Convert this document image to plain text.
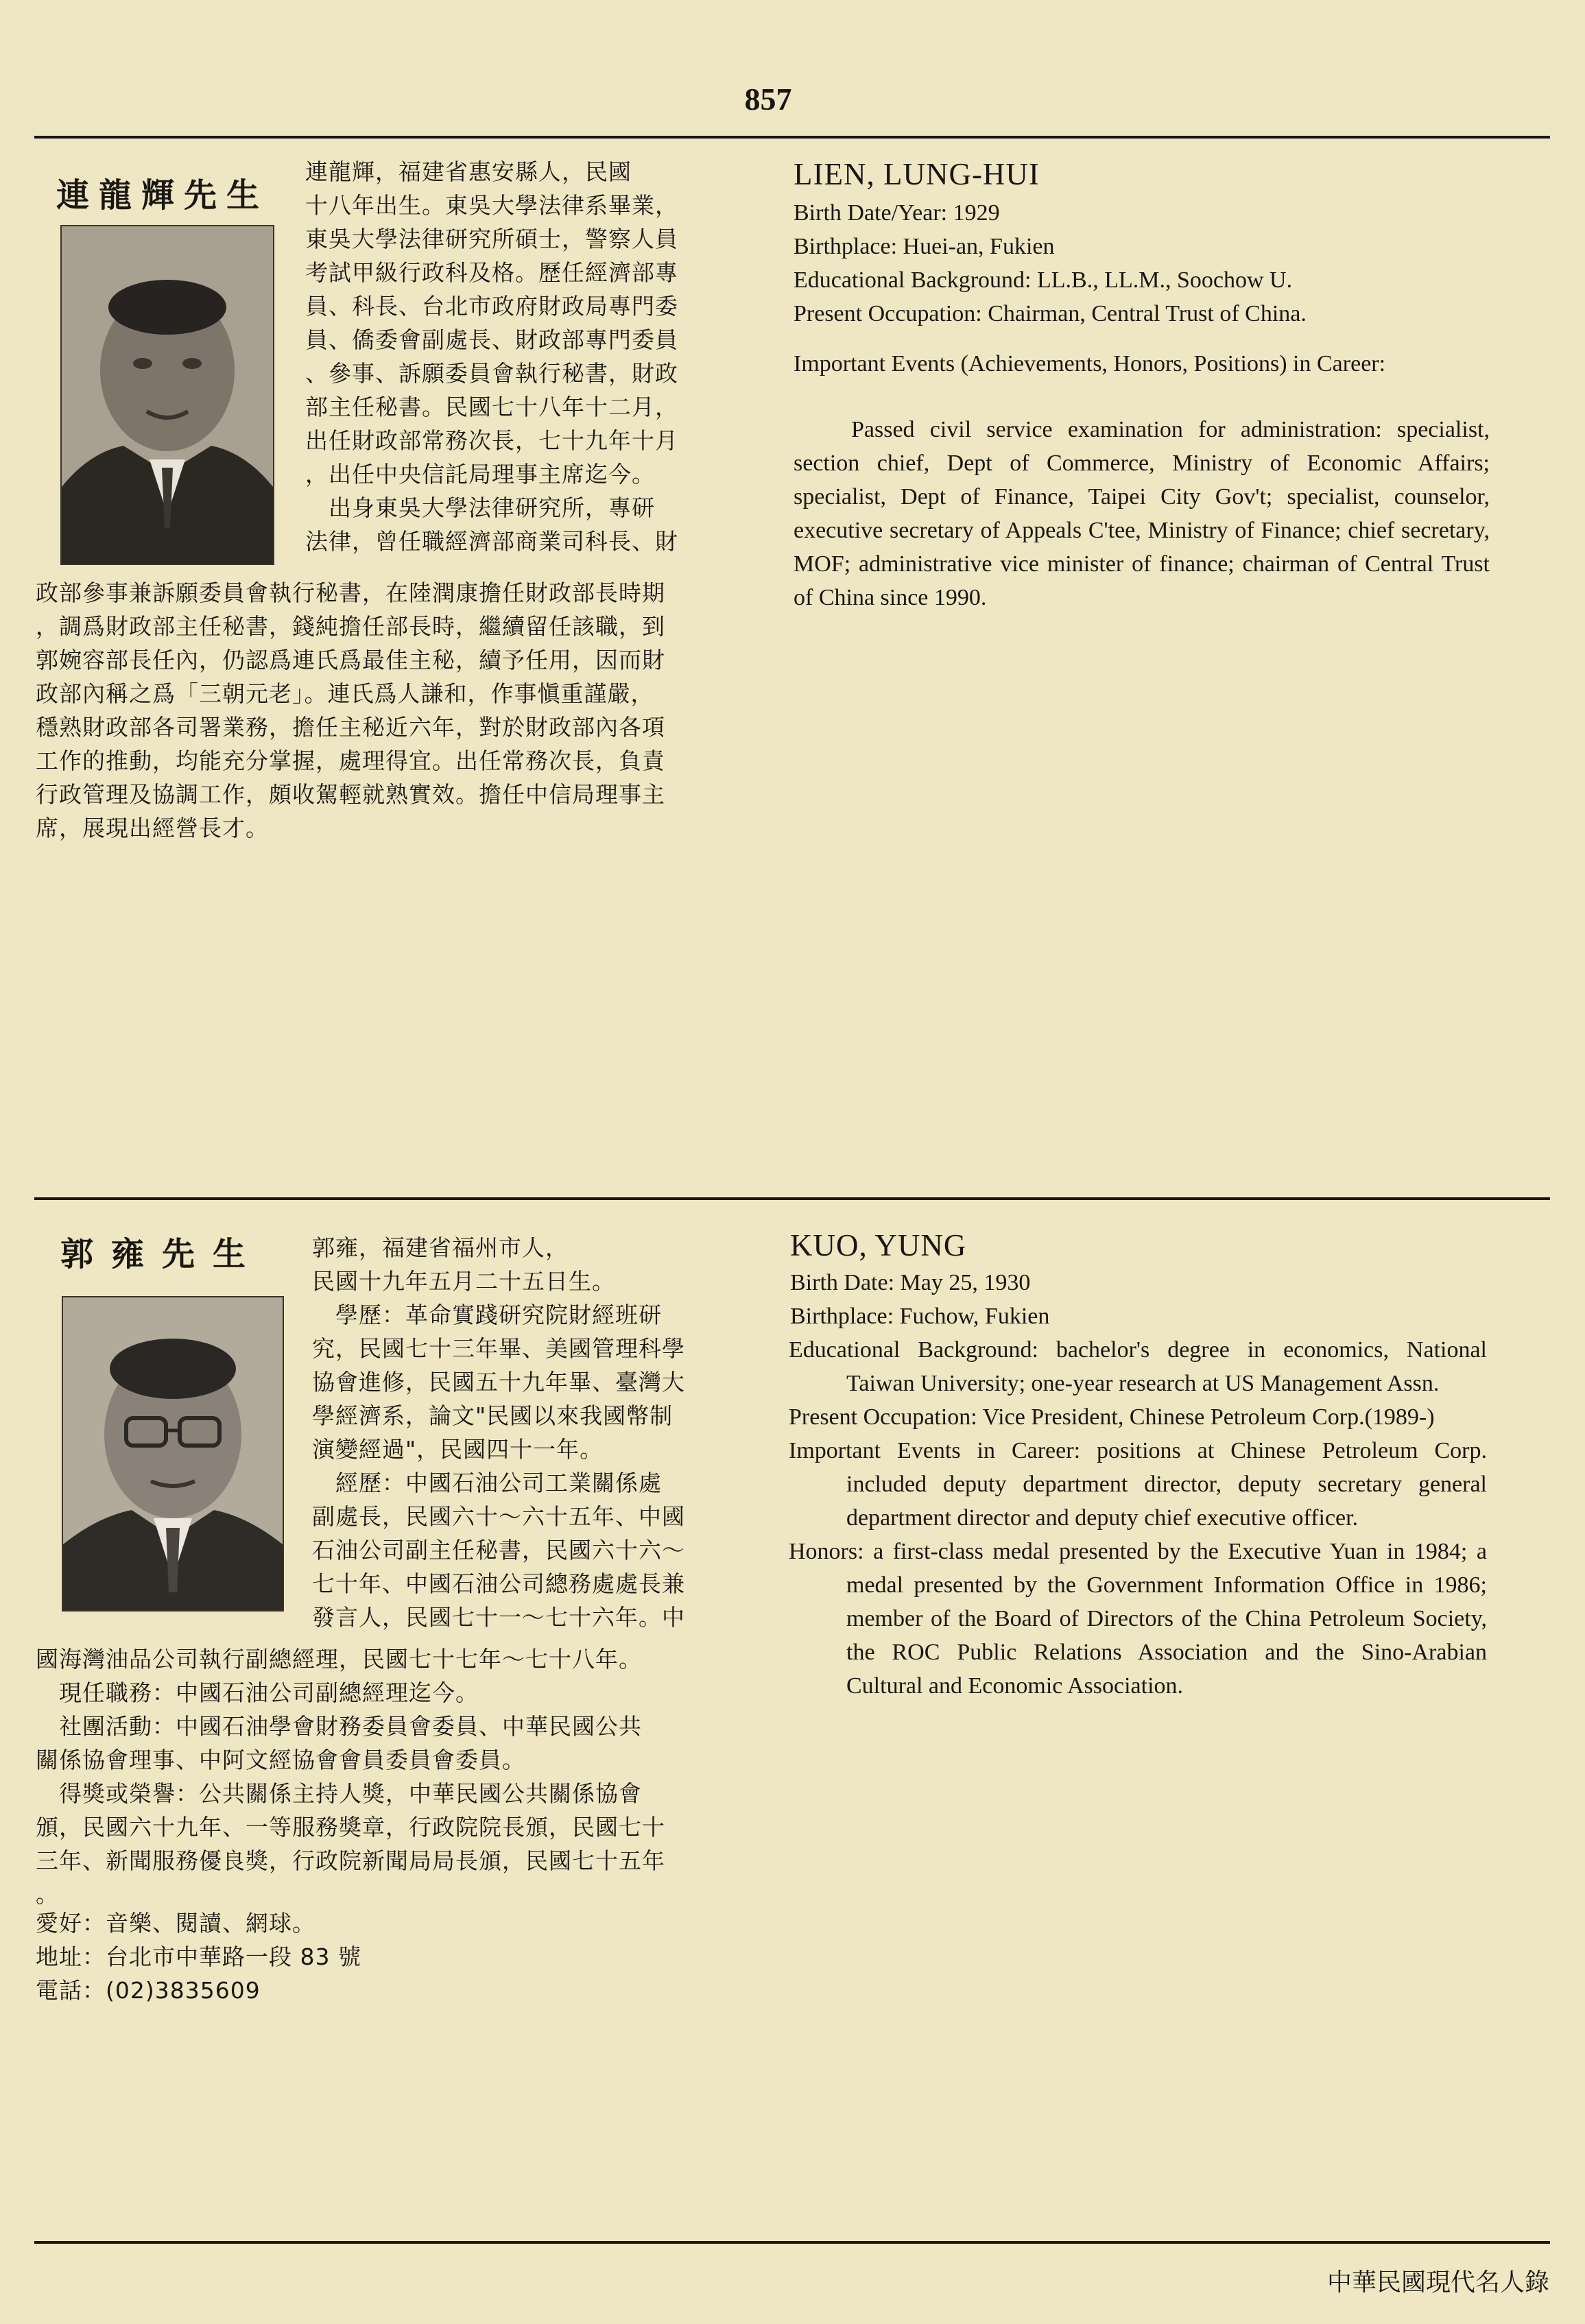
857
連龍輝先生
連龍輝，福建省惠安縣人，民國
十八年出生。東吳大學法律系畢業，
東吳大學法律研究所碩士，警察人員
考試甲級行政科及格。歷任經濟部專
員、科長、台北市政府財政局專門委
員、僑委會副處長、財政部專門委員
、參事、訴願委員會執行秘書，財政
部主任秘書。民國七十八年十二月，
出任財政部常務次長，七十九年十月
，出任中央信託局理事主席迄今。
　出身東吳大學法律研究所，專研
法律，曾任職經濟部商業司科長、財
政部參事兼訴願委員會執行秘書，在陸潤康擔任財政部長時期
，調爲財政部主任秘書，錢純擔任部長時，繼續留任該職，到
郭婉容部長任內，仍認爲連氏爲最佳主秘，續予任用，因而財
政部內稱之爲「三朝元老」。連氏爲人謙和，作事愼重謹嚴，
穩熟財政部各司署業務，擔任主秘近六年，對於財政部內各項
工作的推動，均能充分掌握，處理得宜。出任常務次長，負責
行政管理及協調工作，頗收駕輕就熟實效。擔任中信局理事主
席，展現出經營長才。
LIEN, LUNG-HUI
Birth Date/Year: 1929
Birthplace: Huei-an, Fukien
Educational Background: LL.B., LL.M., Soochow U.
Present Occupation: Chairman, Central Trust of China.

Important Events (Achievements, Honors, Positions) in Career:

Passed civil service examination for administration: specialist, section chief, Dept of Commerce, Ministry of Economic Affairs; specialist, Dept of Finance, Taipei City Gov't; specialist, counselor, executive secretary of Appeals C'tee, Ministry of Finance; chief secretary, MOF; administrative vice minister of finance; chairman of Central Trust of China since 1990.

郭雍先生 郭雍，福建省福州市人，
民國十九年五月二十五日生。
　學歷：革命實踐研究院財經班研
究，民國七十三年畢、美國管理科學
協會進修，民國五十九年畢、臺灣大
學經濟系，論文"民國以來我國幣制
演變經過"，民國四十一年。
　經歷：中國石油公司工業關係處
副處長，民國六十～六十五年、中國
石油公司副主任秘書，民國六十六～
七十年、中國石油公司總務處處長兼
發言人，民國七十一～七十六年。中
國海灣油品公司執行副總經理，民國七十七年～七十八年。
　現任職務：中國石油公司副總經理迄今。
　社團活動：中國石油學會財務委員會委員、中華民國公共
關係協會理事、中阿文經協會會員委員會委員。
　得獎或榮譽：公共關係主持人獎，中華民國公共關係協會
頒，民國六十九年、一等服務獎章，行政院院長頒，民國七十
三年、新聞服務優良獎，行政院新聞局局長頒，民國七十五年
。
愛好：音樂、閱讀、網球。
地址：台北市中華路一段 83 號
電話：(02)3835609
KUO, YUNG
Birth Date: May 25, 1930
Birthplace: Fuchow, Fukien

Educational Background: bachelor's degree in economics, National Taiwan University; one-year research at US Management Assn.

Present Occupation: Vice President, Chinese Petroleum Corp.(1989-)

Important Events in Career: positions at Chinese Petroleum Corp. included deputy department director, deputy secretary general department director and deputy chief executive officer.

Honors: a first-class medal presented by the Executive Yuan in 1984; a medal presented by the Government Information Office in 1986; member of the Board of Directors of the China Petroleum Society, the ROC Public Relations Association and the Sino-Arabian Cultural and Economic Association.

中華民國現代名人錄
